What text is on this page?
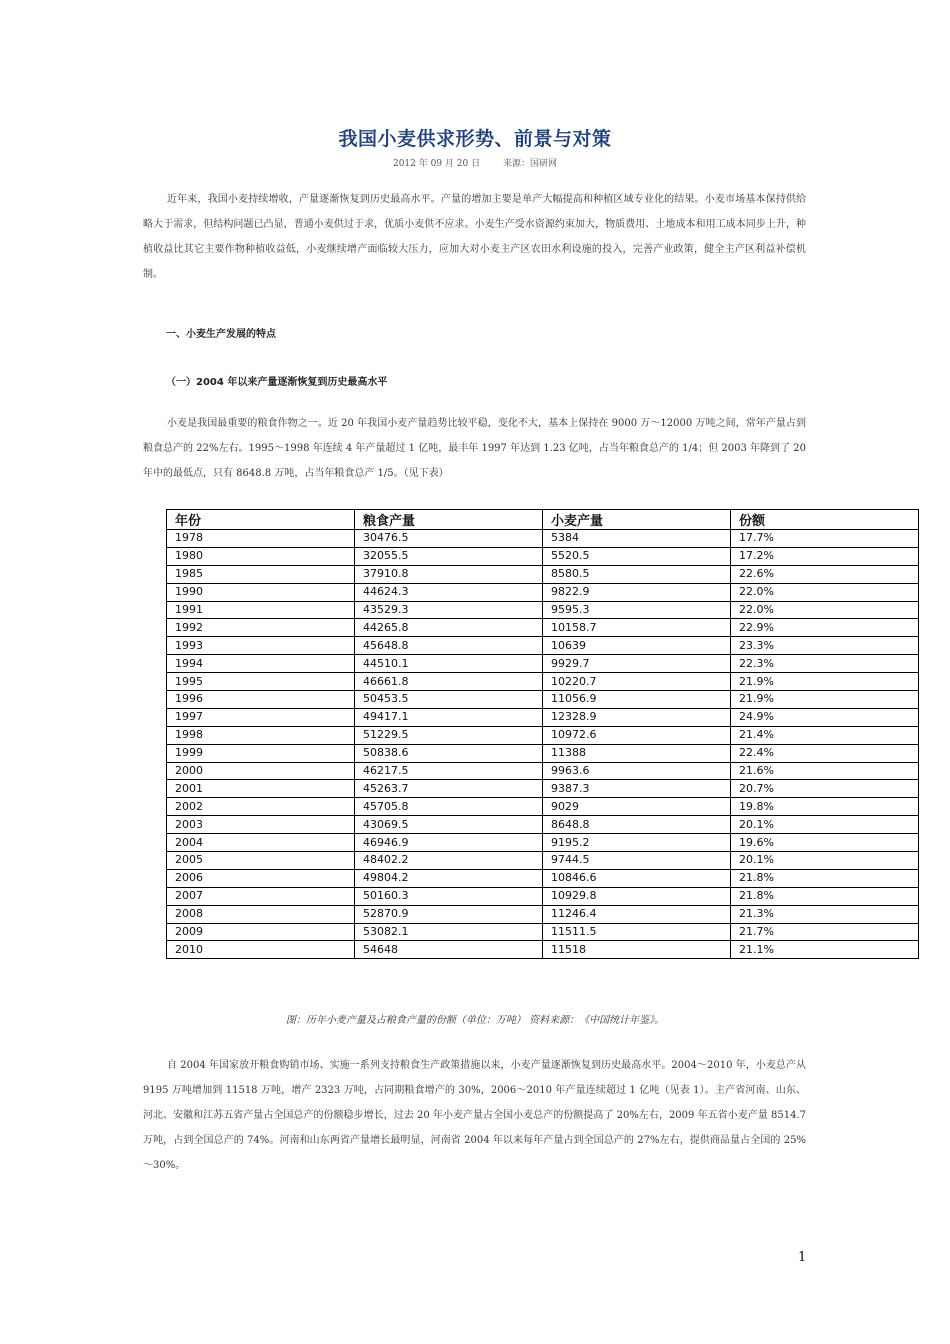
我国小麦供求形势、前景与对策
2012 年 09 月 20 日	来源：国研网

近年来，我国小麦持续增收，产量逐渐恢复到历史最高水平。产量的增加主要是单产大幅提高和种植区域专业化的结果。小麦市场基本保持供给略大于需求，但结构问题已凸显，普通小麦供过于求，优质小麦供不应求。小麦生产受水资源约束加大，物质费用、土地成本和用工成本同步上升，种植收益比其它主要作物种植收益低，小麦继续增产面临较大压力，应加大对小麦主产区农田水利设施的投入，完善产业政策，健全主产区利益补偿机制。

一、小麦生产发展的特点
（一）2004 年以来产量逐渐恢复到历史最高水平

小麦是我国最重要的粮食作物之一。近 20 年我国小麦产量趋势比较平稳，变化不大，基本上保持在 9000 万～12000 万吨之间，常年产量占到粮食总产的 22%左右。1995～1998 年连续 4 年产量超过 1 亿吨，最丰年 1997 年达到 1.23 亿吨，占当年粮食总产的 1/4；但 2003 年降到了 20 年中的最低点，只有 8648.8 万吨，占当年粮食总产 1/5。（见下表）

年份	粮食产量	小麦产量	份额
1978	30476.5	5384	17.7%
1980	32055.5	5520.5	17.2%
1985	37910.8	8580.5	22.6%
1990	44624.3	9822.9	22.0%
1991	43529.3	9595.3	22.0%
1992	44265.8	10158.7	22.9%
1993	45648.8	10639	23.3%
1994	44510.1	9929.7	22.3%
1995	46661.8	10220.7	21.9%
1996	50453.5	11056.9	21.9%
1997	49417.1	12328.9	24.9%
1998	51229.5	10972.6	21.4%
1999	50838.6	11388	22.4%
2000	46217.5	9963.6	21.6%
2001	45263.7	9387.3	20.7%
2002	45705.8	9029	19.8%
2003	43069.5	8648.8	20.1%
2004	46946.9	9195.2	19.6%
2005	48402.2	9744.5	20.1%
2006	49804.2	10846.6	21.8%
2007	50160.3	10929.8	21.8%
2008	52870.9	11246.4	21.3%
2009	53082.1	11511.5	21.7%
2010	54648	11518	21.1%
图：历年小麦产量及占粮食产量的份额（单位：万吨） 资料来源：《中国统计年鉴》。

自 2004 年国家放开粮食购销市场、实施一系列支持粮食生产政策措施以来，小麦产量逐渐恢复到历史最高水平。2004～2010 年，小麦总产从 9195 万吨增加到 11518 万吨，增产 2323 万吨，占同期粮食增产的 30%，2006～2010 年产量连续超过 1 亿吨（见表 1）。主产省河南、山东、河北、安徽和江苏五省产量占全国总产的份额稳步增长，过去 20 年小麦产量占全国小麦总产的份额提高了 20%左右，2009 年五省小麦产量 8514.7 万吨，占到全国总产的 74%。河南和山东两省产量增长最明显，河南省 2004 年以来每年产量占到全国总产的 27%左右，提供商品量占全国的 25%～30%。

1
